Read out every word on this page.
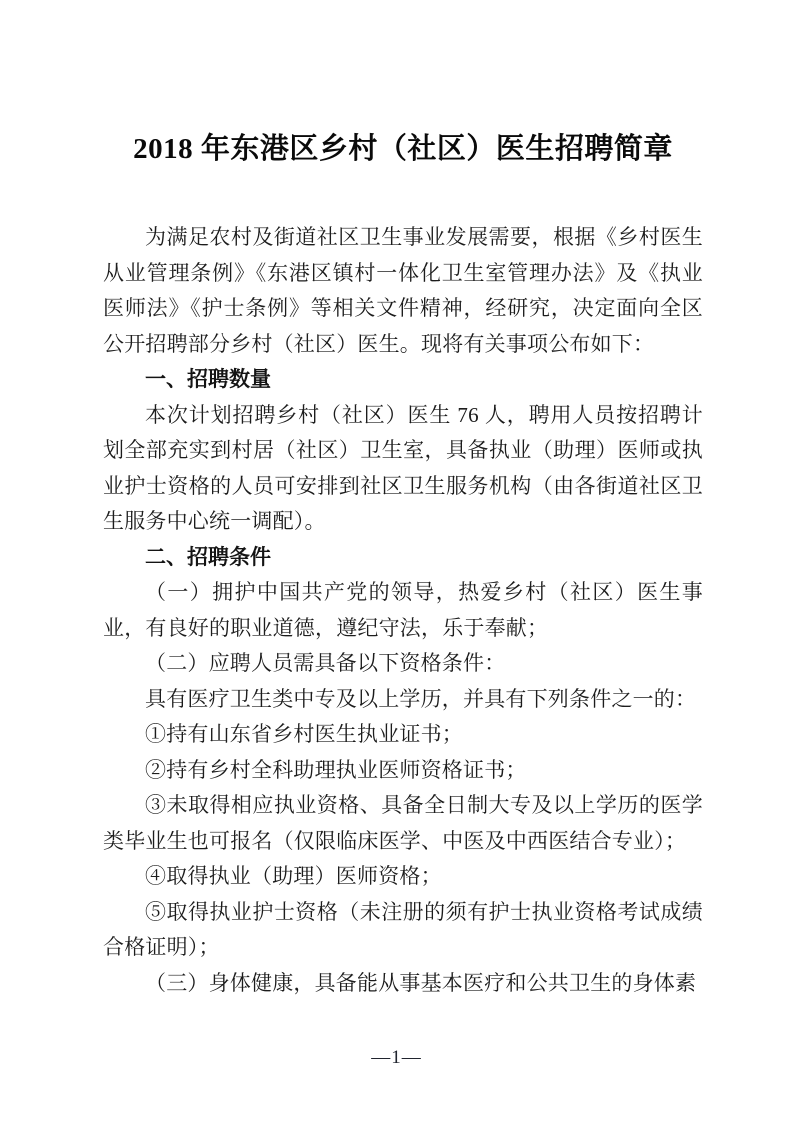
2018 年东港区乡村（社区）医生招聘简章

为满足农村及街道社区卫生事业发展需要，根据《乡村医生从业管理条例》《东港区镇村一体化卫生室管理办法》及《执业医师法》《护士条例》等相关文件精神，经研究，决定面向全区公开招聘部分乡村（社区）医生。现将有关事项公布如下：

一、招聘数量

本次计划招聘乡村（社区）医生 76 人，聘用人员按招聘计划全部充实到村居（社区）卫生室，具备执业（助理）医师或执业护士资格的人员可安排到社区卫生服务机构（由各街道社区卫生服务中心统一调配）。

二、招聘条件

（一）拥护中国共产党的领导，热爱乡村（社区）医生事业，有良好的职业道德，遵纪守法，乐于奉献；

（二）应聘人员需具备以下资格条件：

具有医疗卫生类中专及以上学历，并具有下列条件之一的：

①持有山东省乡村医生执业证书；

②持有乡村全科助理执业医师资格证书；

③未取得相应执业资格、具备全日制大专及以上学历的医学类毕业生也可报名（仅限临床医学、中医及中西医结合专业）；

④取得执业（助理）医师资格；

⑤取得执业护士资格（未注册的须有护士执业资格考试成绩合格证明）；

（三）身体健康，具备能从事基本医疗和公共卫生的身体素

—1—
